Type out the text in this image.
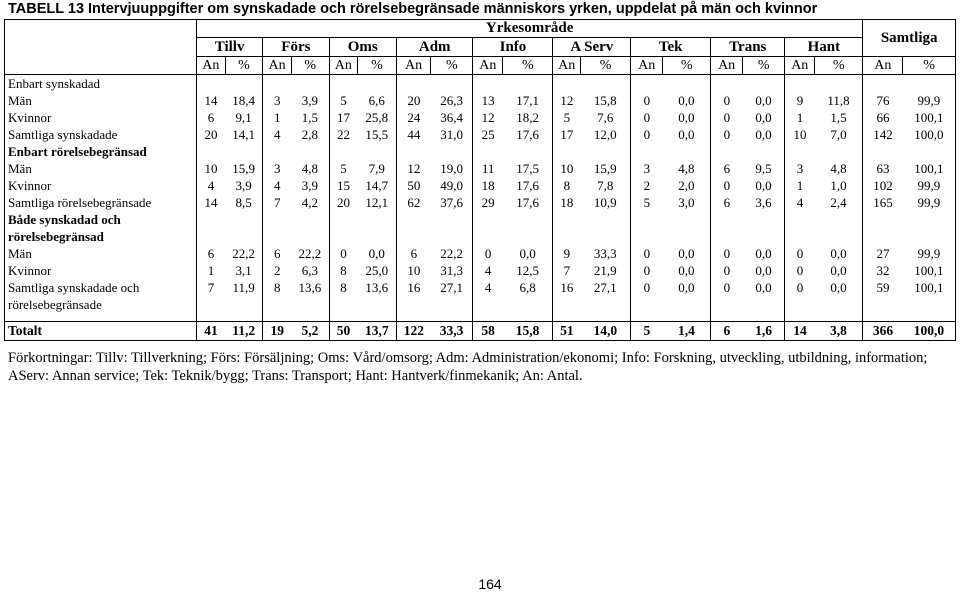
TABELL 13 Intervjuuppgifter om synskadade och rörelsebegränsade människors yrken, uppdelat på män och kvinnor
	Yrkesområde																		Samtliga	
	Tillv		Förs		Oms		Adm		Info		A Serv		Tek		Trans		Hant			
	An	%	An	%	An	%	An	%	An	%	An	%	An	%	An	%	An	%	An	%
Enbart synskadad																				
Män	14	18,4	3	3,9	5	6,6	20	26,3	13	17,1	12	15,8	0	0,0	0	0,0	9	11,8	76	99,9
Kvinnor	6	9,1	1	1,5	17	25,8	24	36,4	12	18,2	5	7,6	0	0,0	0	0,0	1	1,5	66	100,1
Samtliga synskadade	20	14,1	4	2,8	22	15,5	44	31,0	25	17,6	17	12,0	0	0,0	0	0,0	10	7,0	142	100,0
Enbart rörelsebegränsad																				
Män	10	15,9	3	4,8	5	7,9	12	19,0	11	17,5	10	15,9	3	4,8	6	9,5	3	4,8	63	100,1
Kvinnor	4	3,9	4	3,9	15	14,7	50	49,0	18	17,6	8	7,8	2	2,0	0	0,0	1	1,0	102	99,9
Samtliga rörelsebegränsade	14	8,5	7	4,2	20	12,1	62	37,6	29	17,6	18	10,9	5	3,0	6	3,6	4	2,4	165	99,9
Både synskadad och																				
rörelsebegränsad																				
Män	6	22,2	6	22,2	0	0,0	6	22,2	0	0,0	9	33,3	0	0,0	0	0,0	0	0,0	27	99,9
Kvinnor	1	3,1	2	6,3	8	25,0	10	31,3	4	12,5	7	21,9	0	0,0	0	0,0	0	0,0	32	100,1
Samtliga synskadade och	7	11,9	8	13,6	8	13,6	16	27,1	4	6,8	16	27,1	0	0,0	0	0,0	0	0,0	59	100,1
rörelsebegränsade																				

Totalt	41	11,2	19	5,2	50	13,7	122	33,3	58	15,8	51	14,0	5	1,4	6	1,6	14	3,8	366	100,0

Förkortningar: Tillv: Tillverkning; Förs: Försäljning; Oms: Vård/omsorg; Adm: Administration/ekonomi; Info: Forskning, utveckling, utbildning, information; AServ: Annan service; Tek: Teknik/bygg; Trans: Transport; Hant: Hantverk/finmekanik; An: Antal.

164
